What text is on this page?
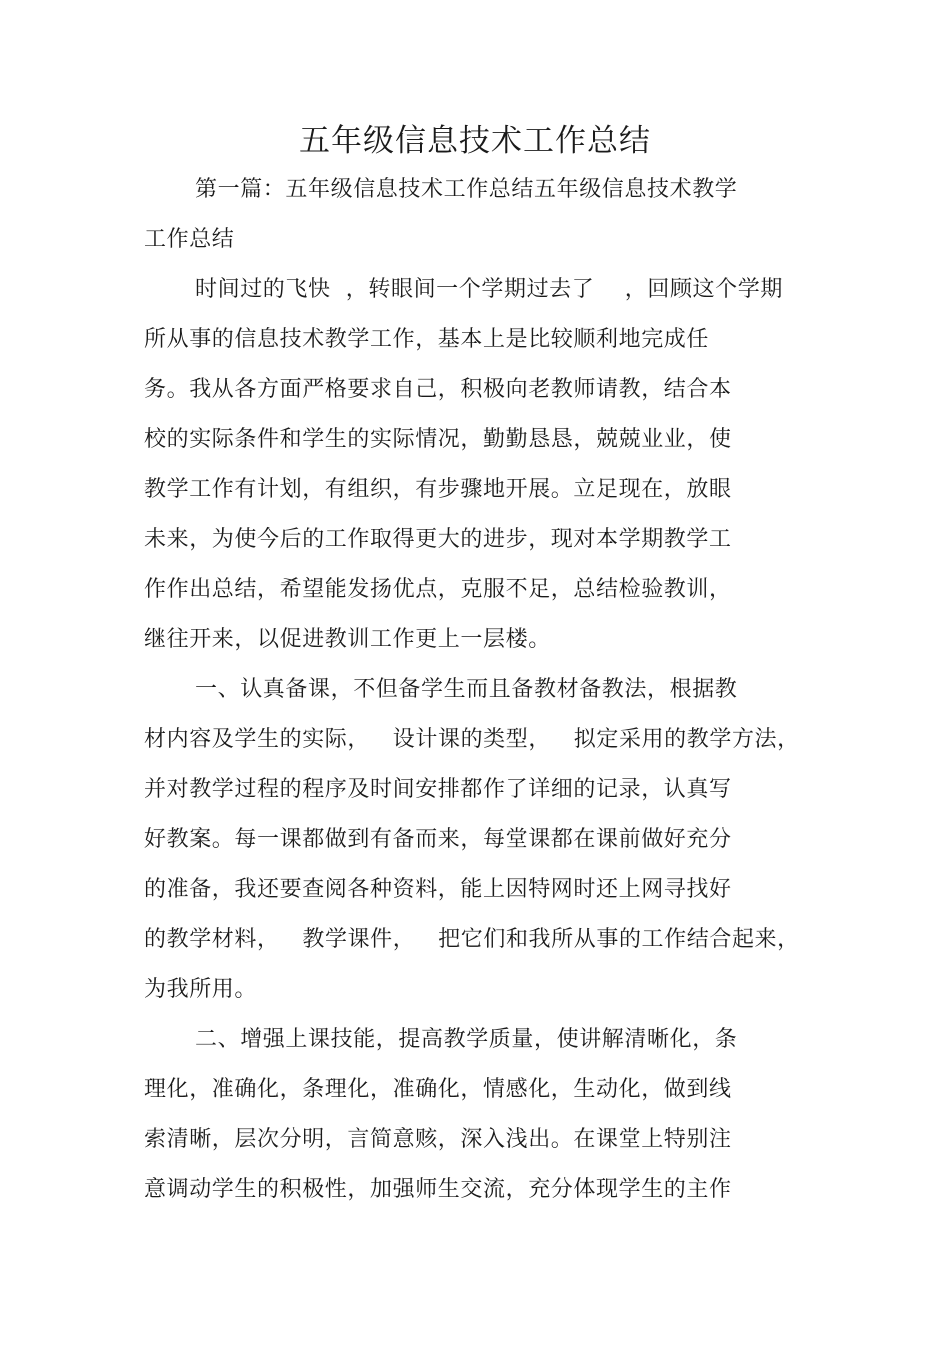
五年级信息技术工作总结
第一篇：五年级信息技术工作总结五年级信息技术教学
工作总结
时间过的飞快  ，转眼间一个学期过去了    ，回顾这个学期
所从事的信息技术教学工作，基本上是比较顺利地完成任
务。我从各方面严格要求自己，积极向老教师请教，结合本
校的实际条件和学生的实际情况，勤勤恳恳，兢兢业业，使
教学工作有计划，有组织，有步骤地开展。立足现在，放眼
未来，为使今后的工作取得更大的进步，现对本学期教学工
作作出总结，希望能发扬优点，克服不足，总结检验教训，
继往开来，以促进教训工作更上一层楼。
一、认真备课，不但备学生而且备教材备教法，根据教
材内容及学生的实际，   设计课的类型，   拟定采用的教学方法，
并对教学过程的程序及时间安排都作了详细的记录，认真写
好教案。每一课都做到有备而来，每堂课都在课前做好充分
的准备，我还要查阅各种资料，能上因特网时还上网寻找好
的教学材料，   教学课件，   把它们和我所从事的工作结合起来，
为我所用。
二、增强上课技能，提高教学质量，使讲解清晰化，条
理化，准确化，条理化，准确化，情感化，生动化，做到线
索清晰，层次分明，言简意赅，深入浅出。在课堂上特别注
意调动学生的积极性，加强师生交流，充分体现学生的主作
